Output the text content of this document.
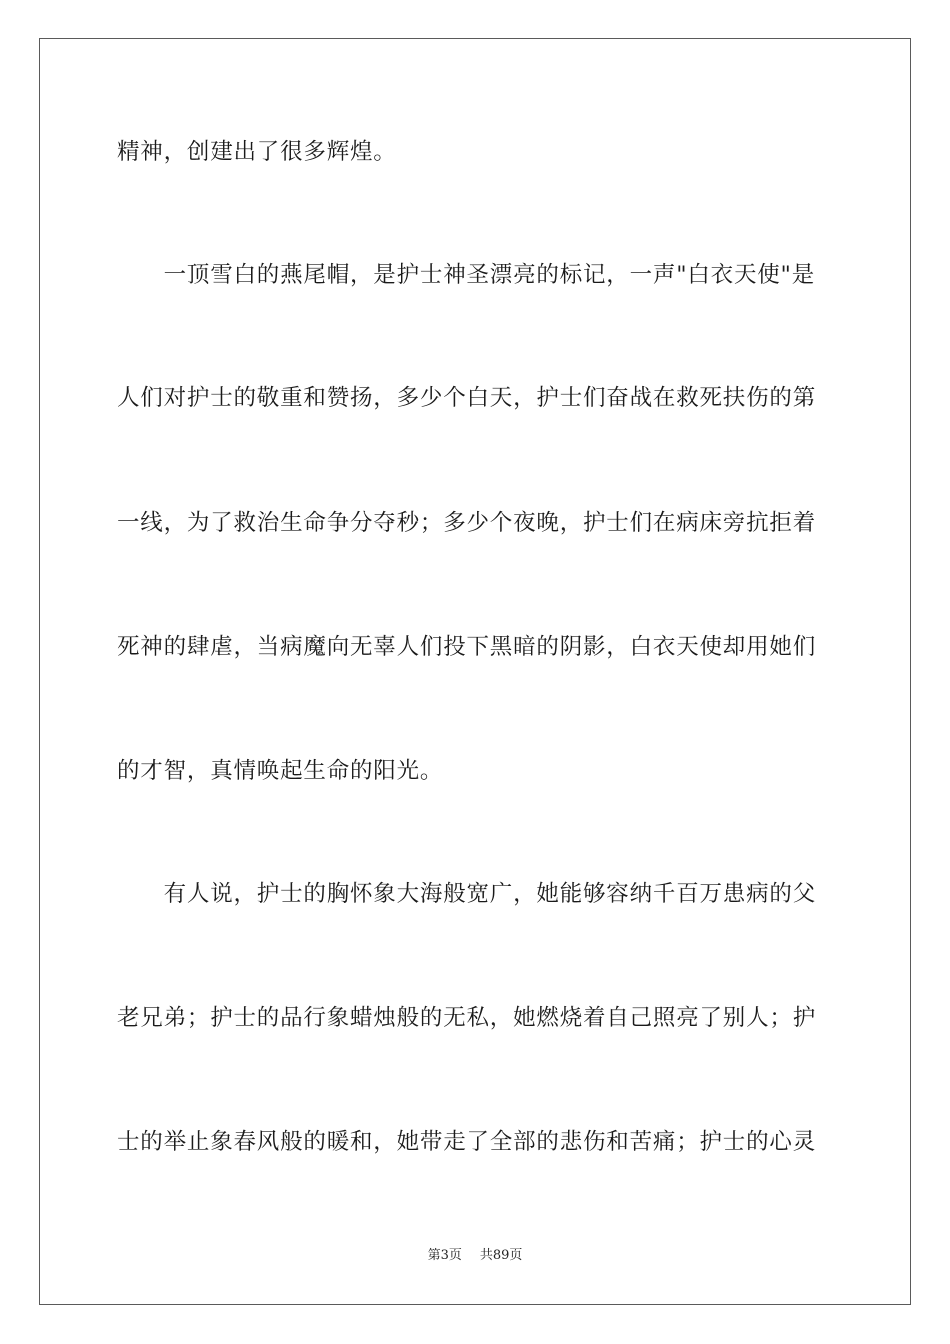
精神，创建出了很多辉煌。
　　一顶雪白的燕尾帽，是护士神圣漂亮的标记，一声"白衣天使"是
人们对护士的敬重和赞扬，多少个白天，护士们奋战在救死扶伤的第
一线，为了救治生命争分夺秒；多少个夜晚，护士们在病床旁抗拒着
死神的肆虐，当病魔向无辜人们投下黑暗的阴影，白衣天使却用她们
的才智，真情唤起生命的阳光。
　　有人说，护士的胸怀象大海般宽广，她能够容纳千百万患病的父
老兄弟；护士的品行象蜡烛般的无私，她燃烧着自己照亮了别人；护
士的举止象春风般的暖和，她带走了全部的悲伤和苦痛；护士的心灵
第3页 共89页
